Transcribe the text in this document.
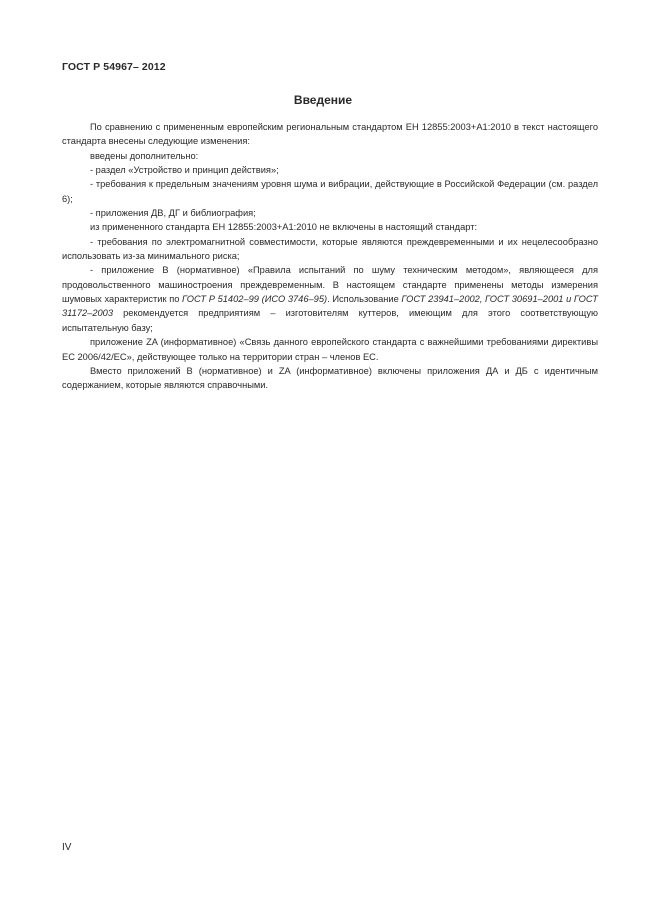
ГОСТ Р 54967– 2012
Введение

По сравнению с примененным европейским региональным стандартом ЕН 12855:2003+А1:2010 в текст настоящего стандарта внесены следующие изменения:

введены дополнительно:

- раздел «Устройство и принцип действия»;

- требования к предельным значениям уровня шума и вибрации, действующие в Российской Федерации (см. раздел 6);

- приложения ДВ, ДГ и библиография;

из примененного стандарта ЕН 12855:2003+А1:2010 не включены в настоящий стандарт:

- требования по электромагнитной совместимости, которые являются преждевременными и их нецелесообразно использовать из-за минимального риска;

- приложение В (нормативное) «Правила испытаний по шуму техническим методом», являющееся для продовольственного машиностроения преждевременным. В настоящем стандарте применены методы измерения шумовых характеристик по ГОСТ Р 51402–99 (ИСО 3746–95). Использование ГОСТ 23941–2002, ГОСТ 30691–2001 и ГОСТ 31172–2003 рекомендуется предприятиям – изготовителям куттеров, имеющим для этого соответствующую испытательную базу;

приложение ZA (информативное) «Связь данного европейского стандарта с важнейшими требованиями директивы ЕС 2006/42/ЕС», действующее только на территории стран – членов ЕС.

Вместо приложений В (нормативное) и ZA (информативное) включены приложения ДА и ДБ с идентичным содержанием, которые являются справочными.

IV
